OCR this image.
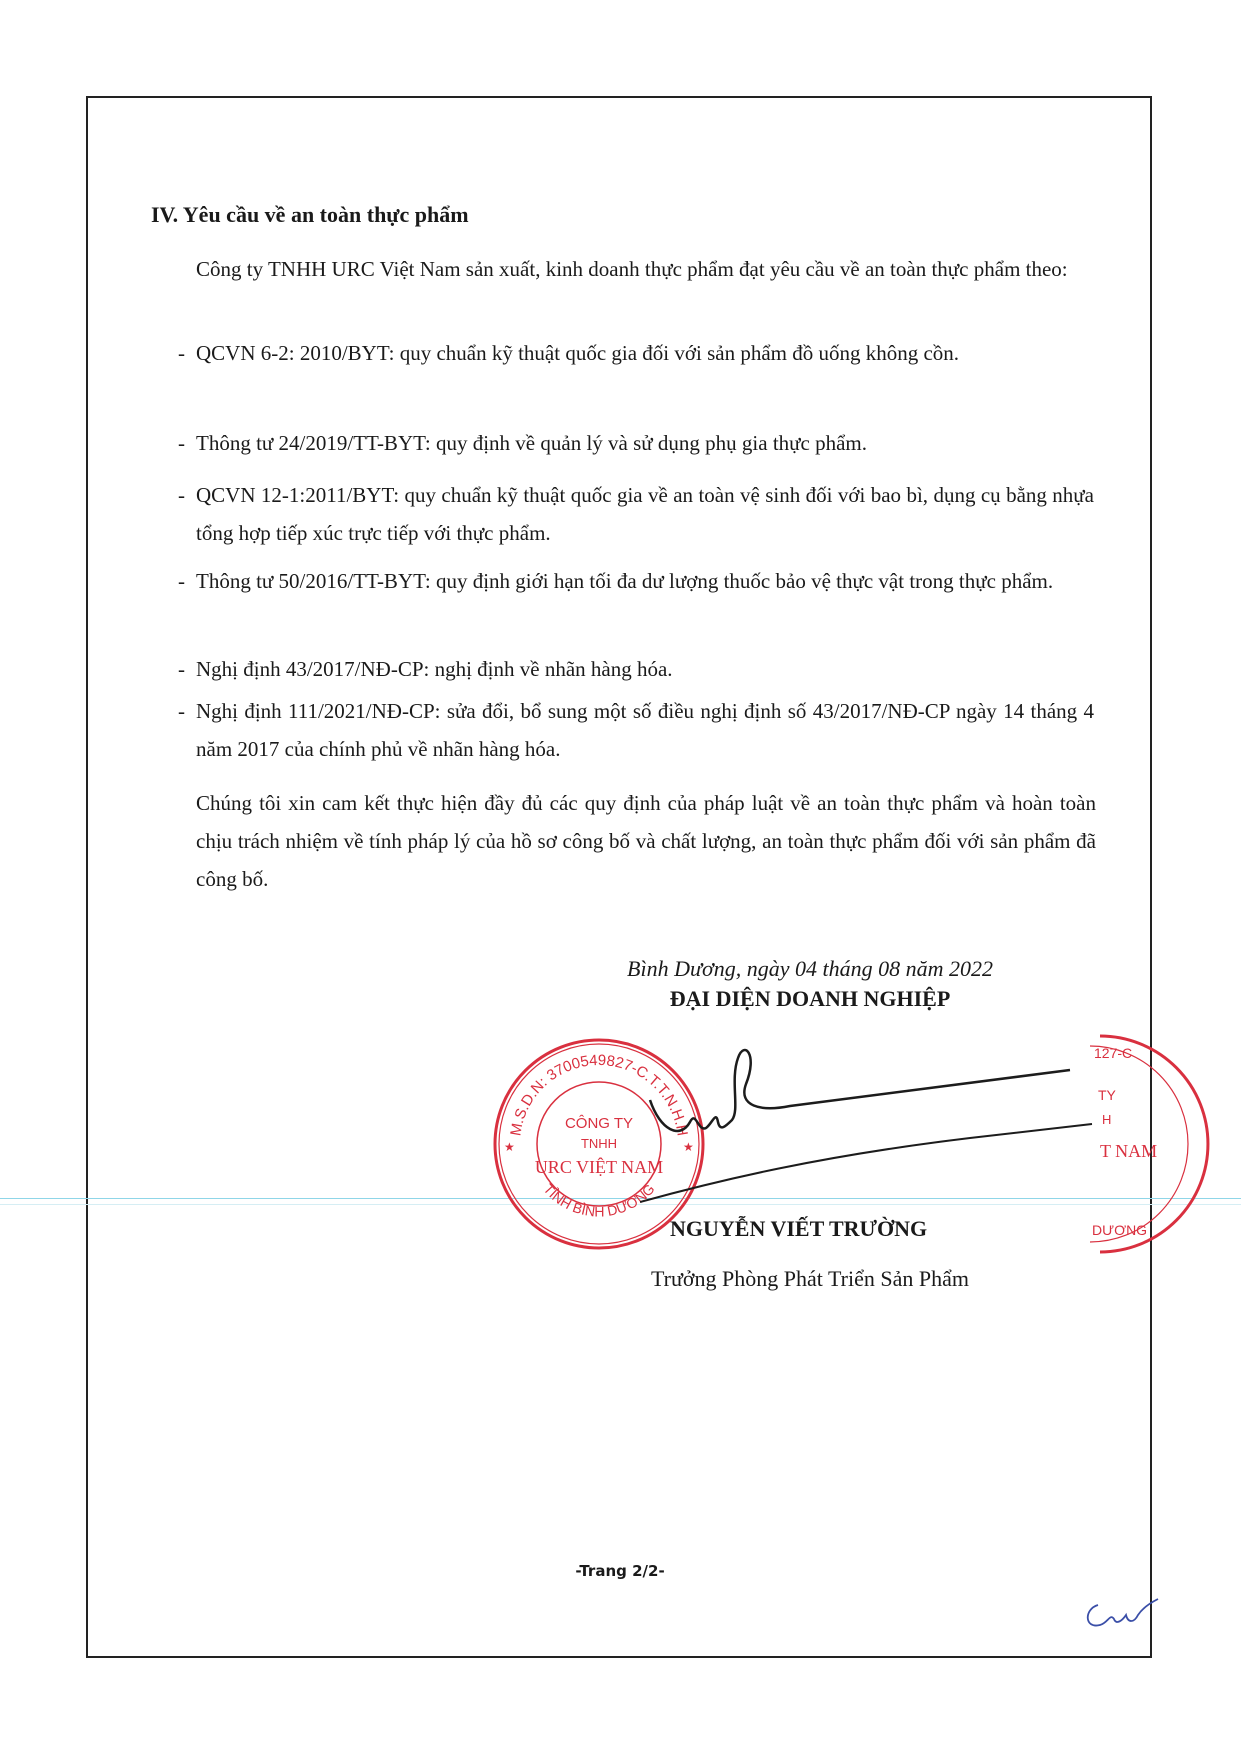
IV. Yêu cầu về an toàn thực phẩm
Công ty TNHH URC Việt Nam sản xuất, kinh doanh thực phẩm đạt yêu cầu về an toàn thực phẩm theo:
- QCVN 6-2: 2010/BYT: quy chuẩn kỹ thuật quốc gia đối với sản phẩm đồ uống không cồn.
- Thông tư 24/2019/TT-BYT: quy định về quản lý và sử dụng phụ gia thực phẩm.
- QCVN 12-1:2011/BYT: quy chuẩn kỹ thuật quốc gia về an toàn vệ sinh đối với bao bì, dụng cụ bằng nhựa tổng hợp tiếp xúc trực tiếp với thực phẩm.
- Thông tư 50/2016/TT-BYT: quy định giới hạn tối đa dư lượng thuốc bảo vệ thực vật trong thực phẩm.
- Nghị định 43/2017/NĐ-CP: nghị định về nhãn hàng hóa.
- Nghị định 111/2021/NĐ-CP: sửa đổi, bổ sung một số điều nghị định số 43/2017/NĐ-CP ngày 14 tháng 4 năm 2017 của chính phủ về nhãn hàng hóa.
Chúng tôi xin cam kết thực hiện đầy đủ các quy định của pháp luật về an toàn thực phẩm và hoàn toàn chịu trách nhiệm về tính pháp lý của hồ sơ công bố và chất lượng, an toàn thực phẩm đối với sản phẩm đã công bố.
Bình Dương, ngày 04 tháng 08 năm 2022
ĐẠI DIỆN DOANH NGHIỆP
M.S.D.N: 3700549827-C.T.T.N.H.H
TỈNH BÌNH DƯƠNG
CÔNG TY
TNHH
URC VIỆT NAM
★	★
127-C
TY
H
T NAM
DƯƠNG
NGUYỄN VIẾT TRƯỜNG
Trưởng Phòng Phát Triển Sản Phẩm
-Trang 2/2-
